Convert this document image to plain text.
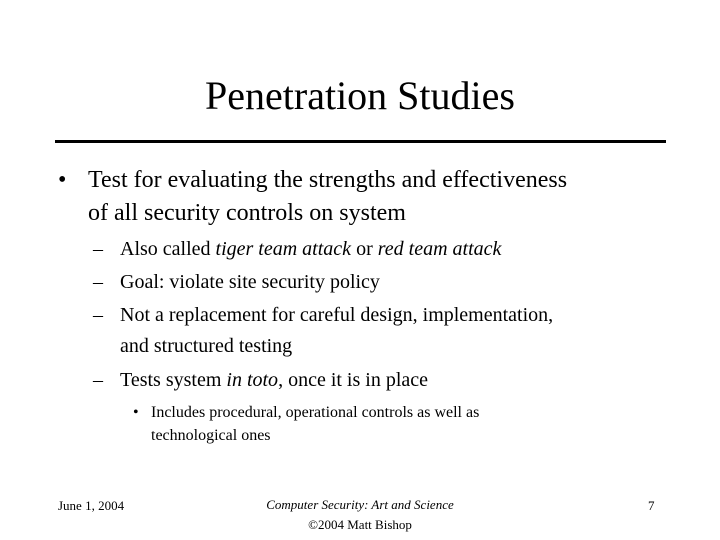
Penetration Studies
• Test for evaluating the strengths and effectiveness
of all security controls on system
– Also called tiger team attack or red team attack
– Goal: violate site security policy
– Not a replacement for careful design, implementation,
and structured testing
– Tests system in toto, once it is in place
• Includes procedural, operational controls as well as
technological ones
June 1, 2004	Computer Security: Art and Science
©2004 Matt Bishop
7
